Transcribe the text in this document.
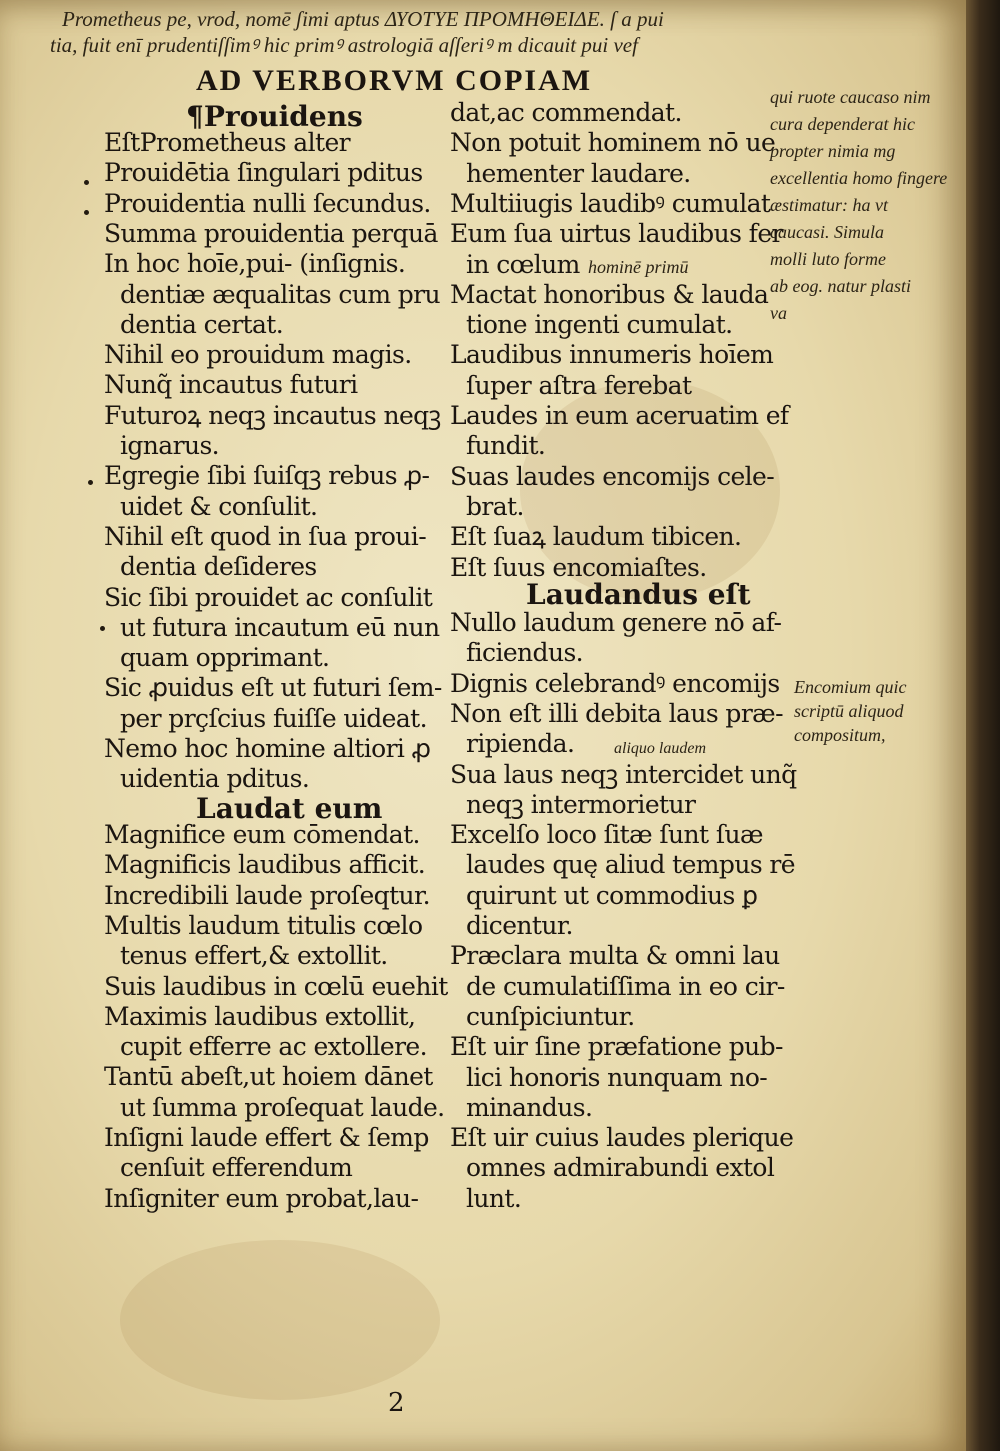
Prometheus pe, vrod, nomē ʃimi aptus ΔΥΟΤΥΕ ΠΡΟΜΗΘΕΙΔΕ. ſ a pui
tia, fuit enī prudentiſſimꝰ hic primꝰ astrologiā aſſeriꝰ m dicauit pui vef
AD VERBORVM COPIAM
¶Prouidens
EſtPrometheus alter
Prouidētia ſingulari pditus
Prouidentia nulli ſecundus.
Summa prouidentia perquā
In hoc hoīe,pui- (inſignis.
dentiæ æqualitas cum pru
dentia certat.
Nihil eo prouidum magis.
Nunq̃ incautus futuri
Futuroꝝ neqꝫ incautus neqꝫ
ignarus.
Egregie ſibi ſuiſqꝫ rebus ꝓ-
uidet & conſulit.
Nihil eſt quod in ſua proui-
dentia deſideres
Sic ſibi prouidet ac conſulit
ut futura incautum eū nun
quam opprimant.
Sic ꝓuidus eſt ut futuri ſem-
per prçſcius fuiſſe uideat.
Nemo hoc homine altiori ꝓ
uidentia pditus.
Laudat eum
Magnifice eum cōmendat.
Magnificis laudibus afficit.
Incredibili laude proſeqtur.
Multis laudum titulis cœlo
tenus effert,& extollit.
Suis laudibus in cœlū euehit
Maximis laudibus extollit,
cupit efferre ac extollere.
Tantū abeſt,ut hoiem dānet
ut ſumma proſequat laude.
Inſigni laude effert & ſemp
cenſuit efferendum
Inſigniter eum probat,lau-
dat,ac commendat.
Non potuit hominem nō ue
hementer laudare.
Multiiugis laudibꝰ cumulat
Eum ſua uirtus laudibus fer
in cœlum
Mactat honoribus & lauda
tione ingenti cumulat.
Laudibus innumeris hoīem
ſuper aſtra ferebat
Laudes in eum aceruatim ef
fundit.
Suas laudes encomijs cele-
brat.
Eſt ſuaꝝ laudum tibicen.
Eſt ſuus encomiaſtes.
Laudandus eſt
Nullo laudum genere nō af-
ficiendus.
Dignis celebrandꝰ encomijs
Non eſt illi debita laus præ-
ripienda.
Sua laus neqꝫ intercidet unq̃
neqꝫ intermorietur
Excelſo loco ſitæ ſunt ſuæ
laudes quę aliud tempus rē
quirunt ut commodius ꝑ
dicentur.
Præclara multa & omni lau
de cumulatiſſima in eo cir-
cunſpiciuntur.
Eſt uir ſine præfatione pub-
lici honoris nunquam no-
minandus.
Eſt uir cuius laudes plerique
omnes admirabundi extol
lunt.
qui ruote caucaso nim
cura dependerat hic
propter nimia mg
excellentia homo fingere
æstimatur: ha vt
caucasi. Simula
molli luto forme
ab eog. natur plasti
va
hominē primū
Encomium quic
scriptū aliquod
compositum,
aliquo laudem
2
